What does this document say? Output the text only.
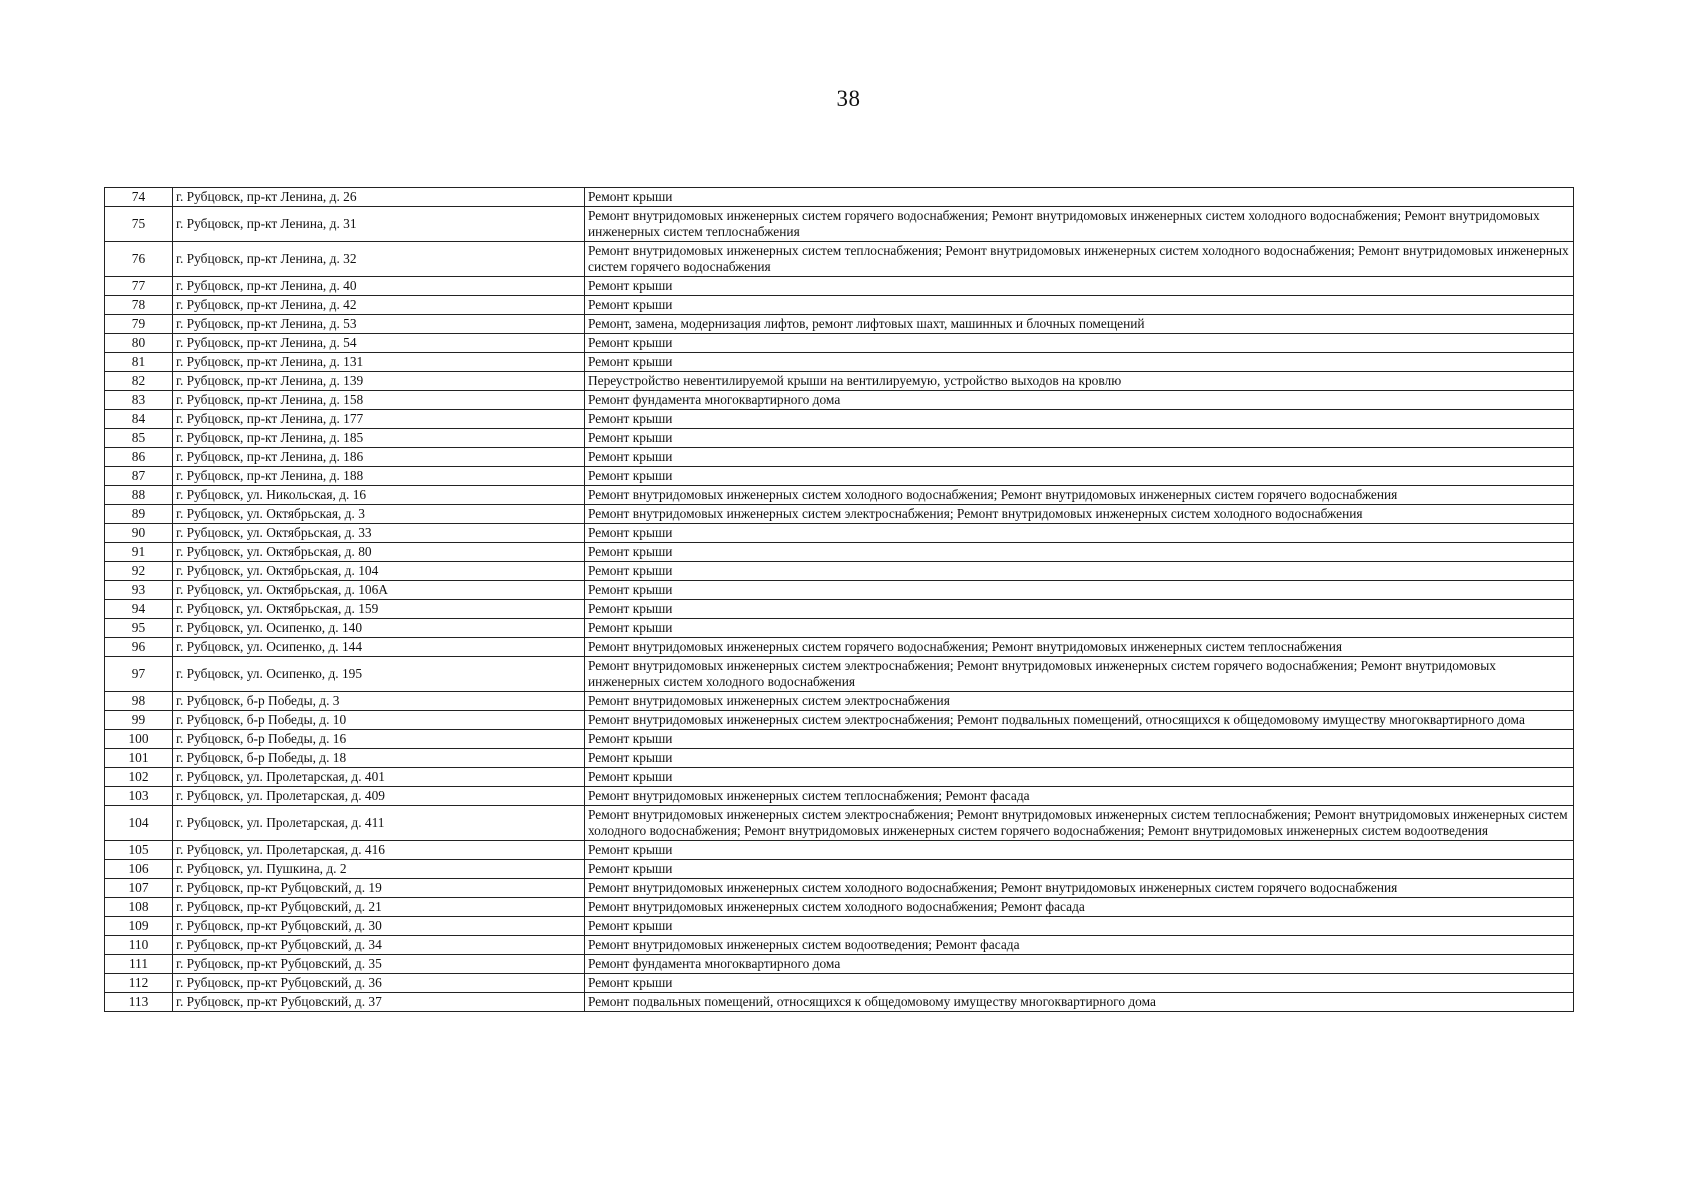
38
74	г. Рубцовск, пр-кт Ленина, д. 26	Ремонт крыши
75	г. Рубцовск, пр-кт Ленина, д. 31	Ремонт внутридомовых инженерных систем горячего водоснабжения; Ремонт внутридомовых инженерных систем холодного водоснабжения; Ремонт внутридомовых инженерных систем теплоснабжения
76	г. Рубцовск, пр-кт Ленина, д. 32	Ремонт внутридомовых инженерных систем теплоснабжения; Ремонт внутридомовых инженерных систем холодного водоснабжения; Ремонт внутридомовых инженерных систем горячего водоснабжения
77	г. Рубцовск, пр-кт Ленина, д. 40	Ремонт крыши
78	г. Рубцовск, пр-кт Ленина, д. 42	Ремонт крыши
79	г. Рубцовск, пр-кт Ленина, д. 53	Ремонт, замена, модернизация лифтов, ремонт лифтовых шахт, машинных и блочных помещений
80	г. Рубцовск, пр-кт Ленина, д. 54	Ремонт крыши
81	г. Рубцовск, пр-кт Ленина, д. 131	Ремонт крыши
82	г. Рубцовск, пр-кт Ленина, д. 139	Переустройство невентилируемой крыши на вентилируемую, устройство выходов на кровлю
83	г. Рубцовск, пр-кт Ленина, д. 158	Ремонт фундамента многоквартирного дома
84	г. Рубцовск, пр-кт Ленина, д. 177	Ремонт крыши
85	г. Рубцовск, пр-кт Ленина, д. 185	Ремонт крыши
86	г. Рубцовск, пр-кт Ленина, д. 186	Ремонт крыши
87	г. Рубцовск, пр-кт Ленина, д. 188	Ремонт крыши
88	г. Рубцовск, ул. Никольская, д. 16	Ремонт внутридомовых инженерных систем холодного водоснабжения; Ремонт внутридомовых инженерных систем горячего водоснабжения
89	г. Рубцовск, ул. Октябрьская, д. 3	Ремонт внутридомовых инженерных систем электроснабжения; Ремонт внутридомовых инженерных систем холодного водоснабжения
90	г. Рубцовск, ул. Октябрьская, д. 33	Ремонт крыши
91	г. Рубцовск, ул. Октябрьская, д. 80	Ремонт крыши
92	г. Рубцовск, ул. Октябрьская, д. 104	Ремонт крыши
93	г. Рубцовск, ул. Октябрьская, д. 106А	Ремонт крыши
94	г. Рубцовск, ул. Октябрьская, д. 159	Ремонт крыши
95	г. Рубцовск, ул. Осипенко, д. 140	Ремонт крыши
96	г. Рубцовск, ул. Осипенко, д. 144	Ремонт внутридомовых инженерных систем горячего водоснабжения; Ремонт внутридомовых инженерных систем теплоснабжения
97	г. Рубцовск, ул. Осипенко, д. 195	Ремонт внутридомовых инженерных систем электроснабжения; Ремонт внутридомовых инженерных систем горячего водоснабжения; Ремонт внутридомовых инженерных систем холодного водоснабжения
98	г. Рубцовск, б-р Победы, д. 3	Ремонт внутридомовых инженерных систем электроснабжения
99	г. Рубцовск, б-р Победы, д. 10	Ремонт внутридомовых инженерных систем электроснабжения; Ремонт подвальных помещений, относящихся к общедомовому имуществу многоквартирного дома
100	г. Рубцовск, б-р Победы, д. 16	Ремонт крыши
101	г. Рубцовск, б-р Победы, д. 18	Ремонт крыши
102	г. Рубцовск, ул. Пролетарская, д. 401	Ремонт крыши
103	г. Рубцовск, ул. Пролетарская, д. 409	Ремонт внутридомовых инженерных систем теплоснабжения; Ремонт фасада
104	г. Рубцовск, ул. Пролетарская, д. 411	Ремонт внутридомовых инженерных систем электроснабжения; Ремонт внутридомовых инженерных систем теплоснабжения; Ремонт внутридомовых инженерных систем холодного водоснабжения; Ремонт внутридомовых инженерных систем горячего водоснабжения; Ремонт внутридомовых инженерных систем водоотведения
105	г. Рубцовск, ул. Пролетарская, д. 416	Ремонт крыши
106	г. Рубцовск, ул. Пушкина, д. 2	Ремонт крыши
107	г. Рубцовск, пр-кт Рубцовский, д. 19	Ремонт внутридомовых инженерных систем холодного водоснабжения; Ремонт внутридомовых инженерных систем горячего водоснабжения
108	г. Рубцовск, пр-кт Рубцовский, д. 21	Ремонт внутридомовых инженерных систем холодного водоснабжения; Ремонт фасада
109	г. Рубцовск, пр-кт Рубцовский, д. 30	Ремонт крыши
110	г. Рубцовск, пр-кт Рубцовский, д. 34	Ремонт внутридомовых инженерных систем водоотведения; Ремонт фасада
111	г. Рубцовск, пр-кт Рубцовский, д. 35	Ремонт фундамента многоквартирного дома
112	г. Рубцовск, пр-кт Рубцовский, д. 36	Ремонт крыши
113	г. Рубцовск, пр-кт Рубцовский, д. 37	Ремонт подвальных помещений, относящихся к общедомовому имуществу многоквартирного дома
